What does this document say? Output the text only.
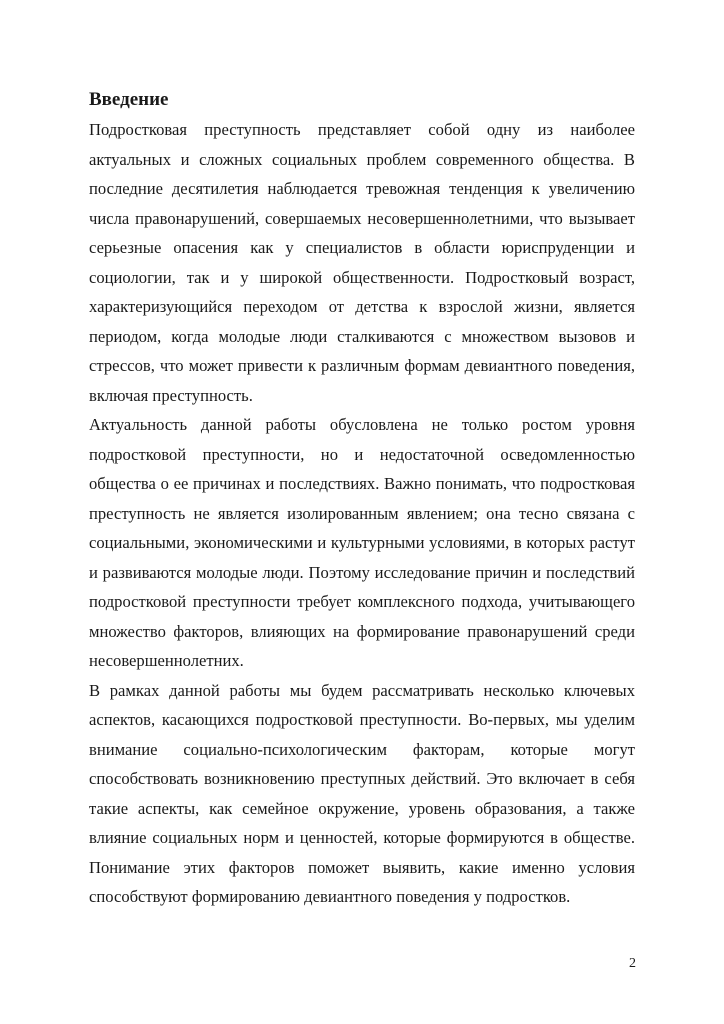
Введение

Подростковая преступность представляет собой одну из наиболее актуальных и сложных социальных проблем современного общества. В последние десятилетия наблюдается тревожная тенденция к увеличению числа правонарушений, совершаемых несовершеннолетними, что вызывает серьезные опасения как у специалистов в области юриспруденции и социологии, так и у широкой общественности. Подростковый возраст, характеризующийся переходом от детства к взрослой жизни, является периодом, когда молодые люди сталкиваются с множеством вызовов и стрессов, что может привести к различным формам девиантного поведения, включая преступность.

Актуальность данной работы обусловлена не только ростом уровня подростковой преступности, но и недостаточной осведомленностью общества о ее причинах и последствиях. Важно понимать, что подростковая преступность не является изолированным явлением; она тесно связана с социальными, экономическими и культурными условиями, в которых растут и развиваются молодые люди. Поэтому исследование причин и последствий подростковой преступности требует комплексного подхода, учитывающего множество факторов, влияющих на формирование правонарушений среди несовершеннолетних.

В рамках данной работы мы будем рассматривать несколько ключевых аспектов, касающихся подростковой преступности. Во-первых, мы уделим внимание социально-психологическим факторам, которые могут способствовать возникновению преступных действий. Это включает в себя такие аспекты, как семейное окружение, уровень образования, а также влияние социальных норм и ценностей, которые формируются в обществе. Понимание этих факторов поможет выявить, какие именно условия способствуют формированию девиантного поведения у подростков.

2
